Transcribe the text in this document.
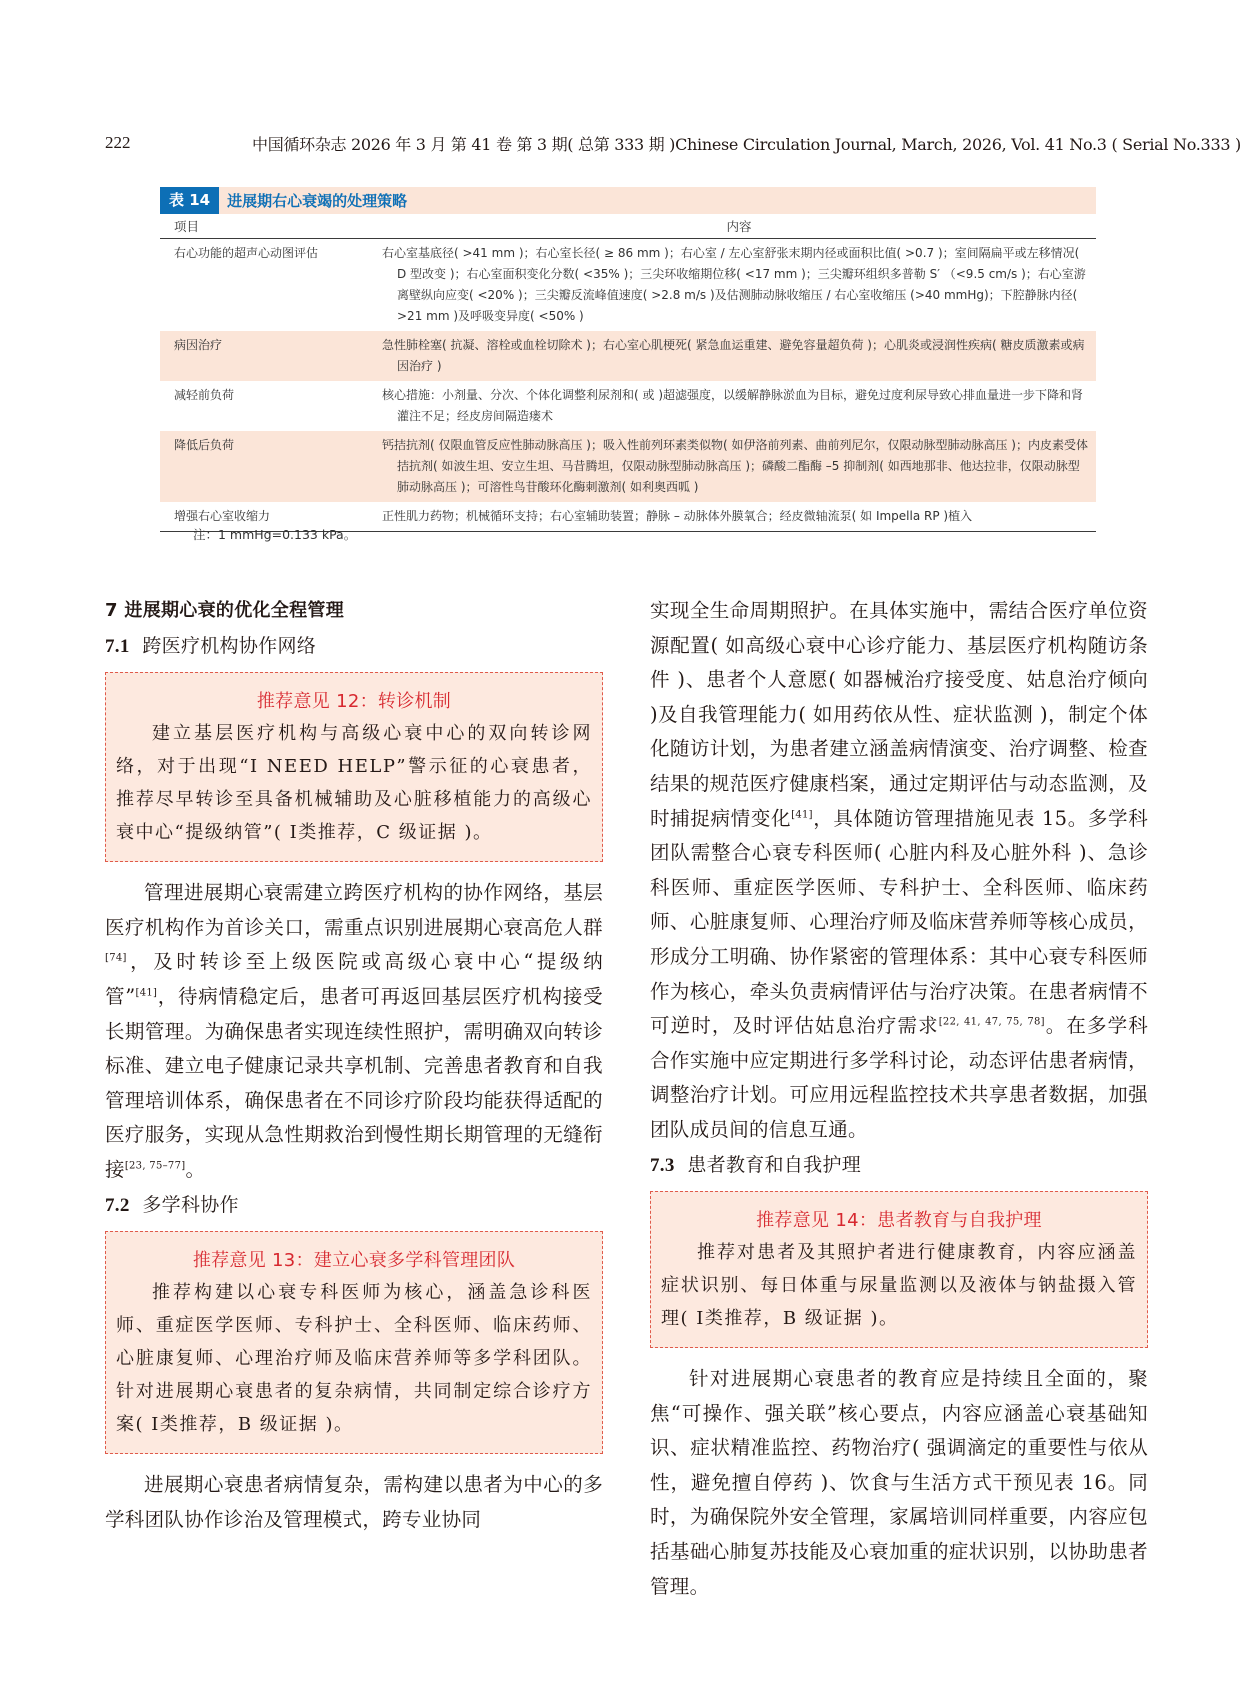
222	中国循环杂志 2026 年 3 月 第 41 卷 第 3 期( 总第 333 期 )Chinese Circulation Journal, March, 2026, Vol. 41 No.3 ( Serial No.333 )
表 14	进展期右心衰竭的处理策略
项目	内容
右心功能的超声心动图评估	右心室基底径( >41 mm )；右心室长径( ≥ 86 mm )；右心室 / 左心室舒张末期内径或面积比值( >0.7 )；室间隔扁平或左移情况( D 型改变 )；右心室面积变化分数( <35% )；三尖环收缩期位移( <17 mm )；三尖瓣环组织多普勒 S′ （<9.5 cm/s )；右心室游离壁纵向应变( <20% )；三尖瓣反流峰值速度( >2.8 m/s )及估测肺动脉收缩压 / 右心室收缩压 (>40 mmHg)；下腔静脉内径( >21 mm )及呼吸变异度( <50% )

病因治疗	急性肺栓塞( 抗凝、溶栓或血栓切除术 )；右心室心肌梗死( 紧急血运重建、避免容量超负荷 )；心肌炎或浸润性疾病( 糖皮质激素或病因治疗 )

减轻前负荷	核心措施：小剂量、分次、个体化调整利尿剂和( 或 )超滤强度，以缓解静脉淤血为目标，避免过度利尿导致心排血量进一步下降和肾灌注不足；经皮房间隔造瘘术

降低后负荷	钙拮抗剂( 仅限血管反应性肺动脉高压 )；吸入性前列环素类似物( 如伊洛前列素、曲前列尼尔，仅限动脉型肺动脉高压 )；内皮素受体拮抗剂( 如波生坦、安立生坦、马昔腾坦，仅限动脉型肺动脉高压 )；磷酸二酯酶 –5 抑制剂( 如西地那非、他达拉非，仅限动脉型肺动脉高压 )；可溶性鸟苷酸环化酶刺激剂( 如利奥西呱 )

增强右心室收缩力	正性肌力药物；机械循环支持；右心室辅助装置；静脉 – 动脉体外膜氧合；经皮微轴流泵( 如 Impella RP )植入
注：1 mmHg=0.133 kPa。
7 进展期心衰的优化全程管理
7.1 跨医疗机构协作网络
推荐意见 12：转诊机制
建立基层医疗机构与高级心衰中心的双向转诊网络，对于出现“I NEED HELP”警示征的心衰患者，推荐尽早转诊至具备机械辅助及心脏移植能力的高级心衰中心“提级纳管”( Ⅰ类推荐，C 级证据 )。
管理进展期心衰需建立跨医疗机构的协作网络，基层医疗机构作为首诊关口，需重点识别进展期心衰高危人群[74]，及时转诊至上级医院或高级心衰中心“提级纳管”[41]，待病情稳定后，患者可再返回基层医疗机构接受长期管理。为确保患者实现连续性照护，需明确双向转诊标准、建立电子健康记录共享机制、完善患者教育和自我管理培训体系，确保患者在不同诊疗阶段均能获得适配的医疗服务，实现从急性期救治到慢性期长期管理的无缝衔接[23, 75–77]。
7.2 多学科协作
推荐意见 13：建立心衰多学科管理团队
推荐构建以心衰专科医师为核心，涵盖急诊科医师、重症医学医师、专科护士、全科医师、临床药师、心脏康复师、心理治疗师及临床营养师等多学科团队。针对进展期心衰患者的复杂病情，共同制定综合诊疗方案( Ⅰ类推荐，B 级证据 )。
进展期心衰患者病情复杂，需构建以患者为中心的多学科团队协作诊治及管理模式，跨专业协同
实现全生命周期照护。在具体实施中，需结合医疗单位资源配置( 如高级心衰中心诊疗能力、基层医疗机构随访条件 )、患者个人意愿( 如器械治疗接受度、姑息治疗倾向 )及自我管理能力( 如用药依从性、症状监测 )，制定个体化随访计划，为患者建立涵盖病情演变、治疗调整、检查结果的规范医疗健康档案，通过定期评估与动态监测，及时捕捉病情变化[41]，具体随访管理措施见表 15。多学科团队需整合心衰专科医师( 心脏内科及心脏外科 )、急诊科医师、重症医学医师、专科护士、全科医师、临床药师、心脏康复师、心理治疗师及临床营养师等核心成员，形成分工明确、协作紧密的管理体系：其中心衰专科医师作为核心，牵头负责病情评估与治疗决策。在患者病情不可逆时，及时评估姑息治疗需求[22, 41, 47, 75, 78]。在多学科合作实施中应定期进行多学科讨论，动态评估患者病情，调整治疗计划。可应用远程监控技术共享患者数据，加强团队成员间的信息互通。
7.3 患者教育和自我护理
推荐意见 14：患者教育与自我护理
推荐对患者及其照护者进行健康教育，内容应涵盖症状识别、每日体重与尿量监测以及液体与钠盐摄入管理( Ⅰ类推荐，B 级证据 )。
针对进展期心衰患者的教育应是持续且全面的，聚焦“可操作、强关联”核心要点，内容应涵盖心衰基础知识、症状精准监控、药物治疗( 强调滴定的重要性与依从性，避免擅自停药 )、饮食与生活方式干预见表 16。同时，为确保院外安全管理，家属培训同样重要，内容应包括基础心肺复苏技能及心衰加重的症状识别，以协助患者管理。
